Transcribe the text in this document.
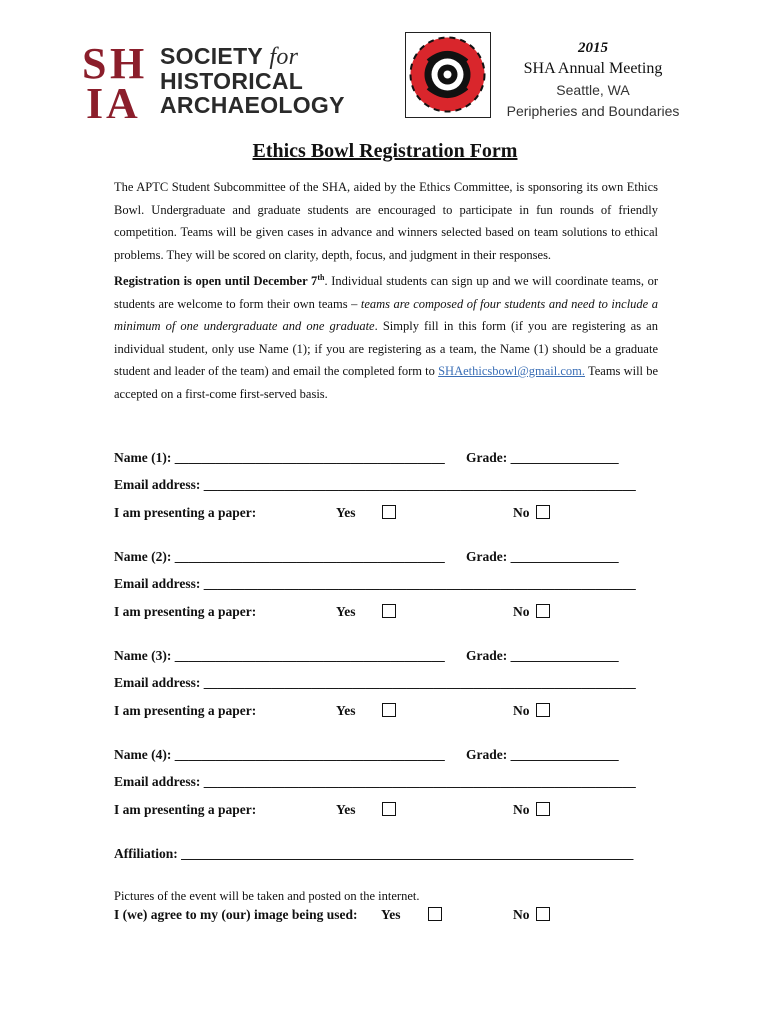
S H
A
I
SOCIETY for
HISTORICAL
ARCHAEOLOGY
2015
SHA Annual Meeting
Seattle, WA
Peripheries and Boundaries
Ethics Bowl Registration Form
The APTC Student Subcommittee of the SHA, aided by the Ethics Committee, is sponsoring its own Ethics Bowl. Undergraduate and graduate students are encouraged to participate in fun rounds of friendly competition. Teams will be given cases in advance and winners selected based on team solutions to ethical problems. They will be scored on clarity, depth, focus, and judgment in their responses.
Registration is open until December 7th. Individual students can sign up and we will coordinate teams, or students are welcome to form their own teams – teams are composed of four students and need to include a minimum of one undergraduate and one graduate. Simply fill in this form (if you are registering as an individual student, only use Name (1); if you are registering as a team, the Name (1) should be a graduate student and leader of the team) and email the completed form to SHAethicsbowl@gmail.com. Teams will be accepted on a first-come first-served basis.
Name (1): ________________________________________ Grade: ________________
Email address: ________________________________________________________________
I am presenting a paper:	Yes	No
Name (2): ________________________________________ Grade: ________________
Email address: ________________________________________________________________
I am presenting a paper:	Yes	No
Name (3): ________________________________________ Grade: ________________
Email address: ________________________________________________________________
I am presenting a paper:	Yes	No
Name (4): ________________________________________ Grade: ________________
Email address: ________________________________________________________________
I am presenting a paper:	Yes	No
Affiliation: ___________________________________________________________________
Pictures of the event will be taken and posted on the internet.
I (we) agree to my (our) image being used: Yes	No
